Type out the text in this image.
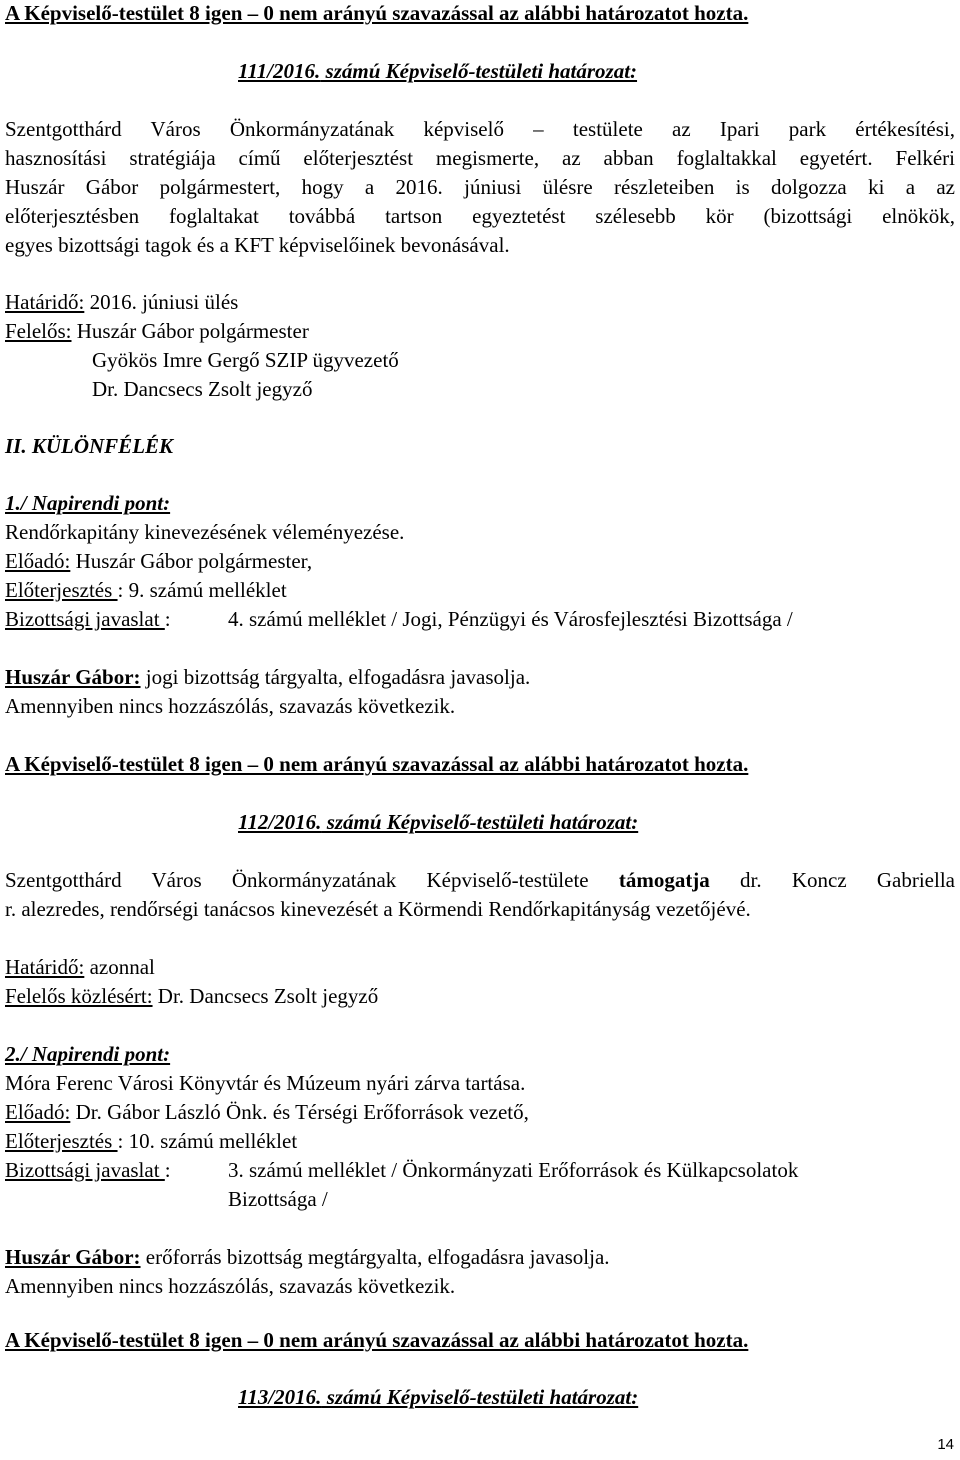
A Képviselő-testület 8 igen – 0 nem arányú szavazással az alábbi határozatot hozta.
111/2016. számú Képviselő-testületi határozat:
Szentgotthárd Város Önkormányzatának képviselő – testülete az Ipari park értékesítési,
hasznosítási stratégiája című előterjesztést megismerte, az abban foglaltakkal egyetért. Felkéri
Huszár Gábor polgármestert, hogy a 2016. júniusi ülésre részleteiben is dolgozza ki a az
előterjesztésben foglaltakat továbbá tartson egyeztetést szélesebb kör (bizottsági elnökök,
egyes bizottsági tagok és a KFT képviselőinek bevonásával.
Határidő: 2016. júniusi ülés
Felelős: Huszár Gábor polgármester
Gyökös Imre Gergő SZIP ügyvezető
Dr. Dancsecs Zsolt jegyző
II. KÜLÖNFÉLÉK
1./ Napirendi pont:
Rendőrkapitány kinevezésének véleményezése.
Előadó: Huszár Gábor polgármester,
Előterjesztés : 9. számú melléklet
Bizottsági javaslat :	4. számú melléklet / Jogi, Pénzügyi és Városfejlesztési Bizottsága /
Huszár Gábor: jogi bizottság tárgyalta, elfogadásra javasolja.
Amennyiben nincs hozzászólás, szavazás következik.
A Képviselő-testület 8 igen – 0 nem arányú szavazással az alábbi határozatot hozta.
112/2016. számú Képviselő-testületi határozat:
Szentgotthárd Város Önkormányzatának Képviselő-testülete támogatja dr. Koncz Gabriella
r. alezredes, rendőrségi tanácsos kinevezését a Körmendi Rendőrkapitányság vezetőjévé.
Határidő: azonnal
Felelős közlésért: Dr. Dancsecs Zsolt jegyző
2./ Napirendi pont:
Móra Ferenc Városi Könyvtár és Múzeum nyári zárva tartása.
Előadó: Dr. Gábor László Önk. és Térségi Erőforrások vezető,
Előterjesztés : 10. számú melléklet
Bizottsági javaslat :	3. számú melléklet / Önkormányzati Erőforrások és Külkapcsolatok
Bizottsága /
Huszár Gábor: erőforrás bizottság megtárgyalta, elfogadásra javasolja.
Amennyiben nincs hozzászólás, szavazás következik.
A Képviselő-testület 8 igen – 0 nem arányú szavazással az alábbi határozatot hozta.
113/2016. számú Képviselő-testületi határozat:
14
